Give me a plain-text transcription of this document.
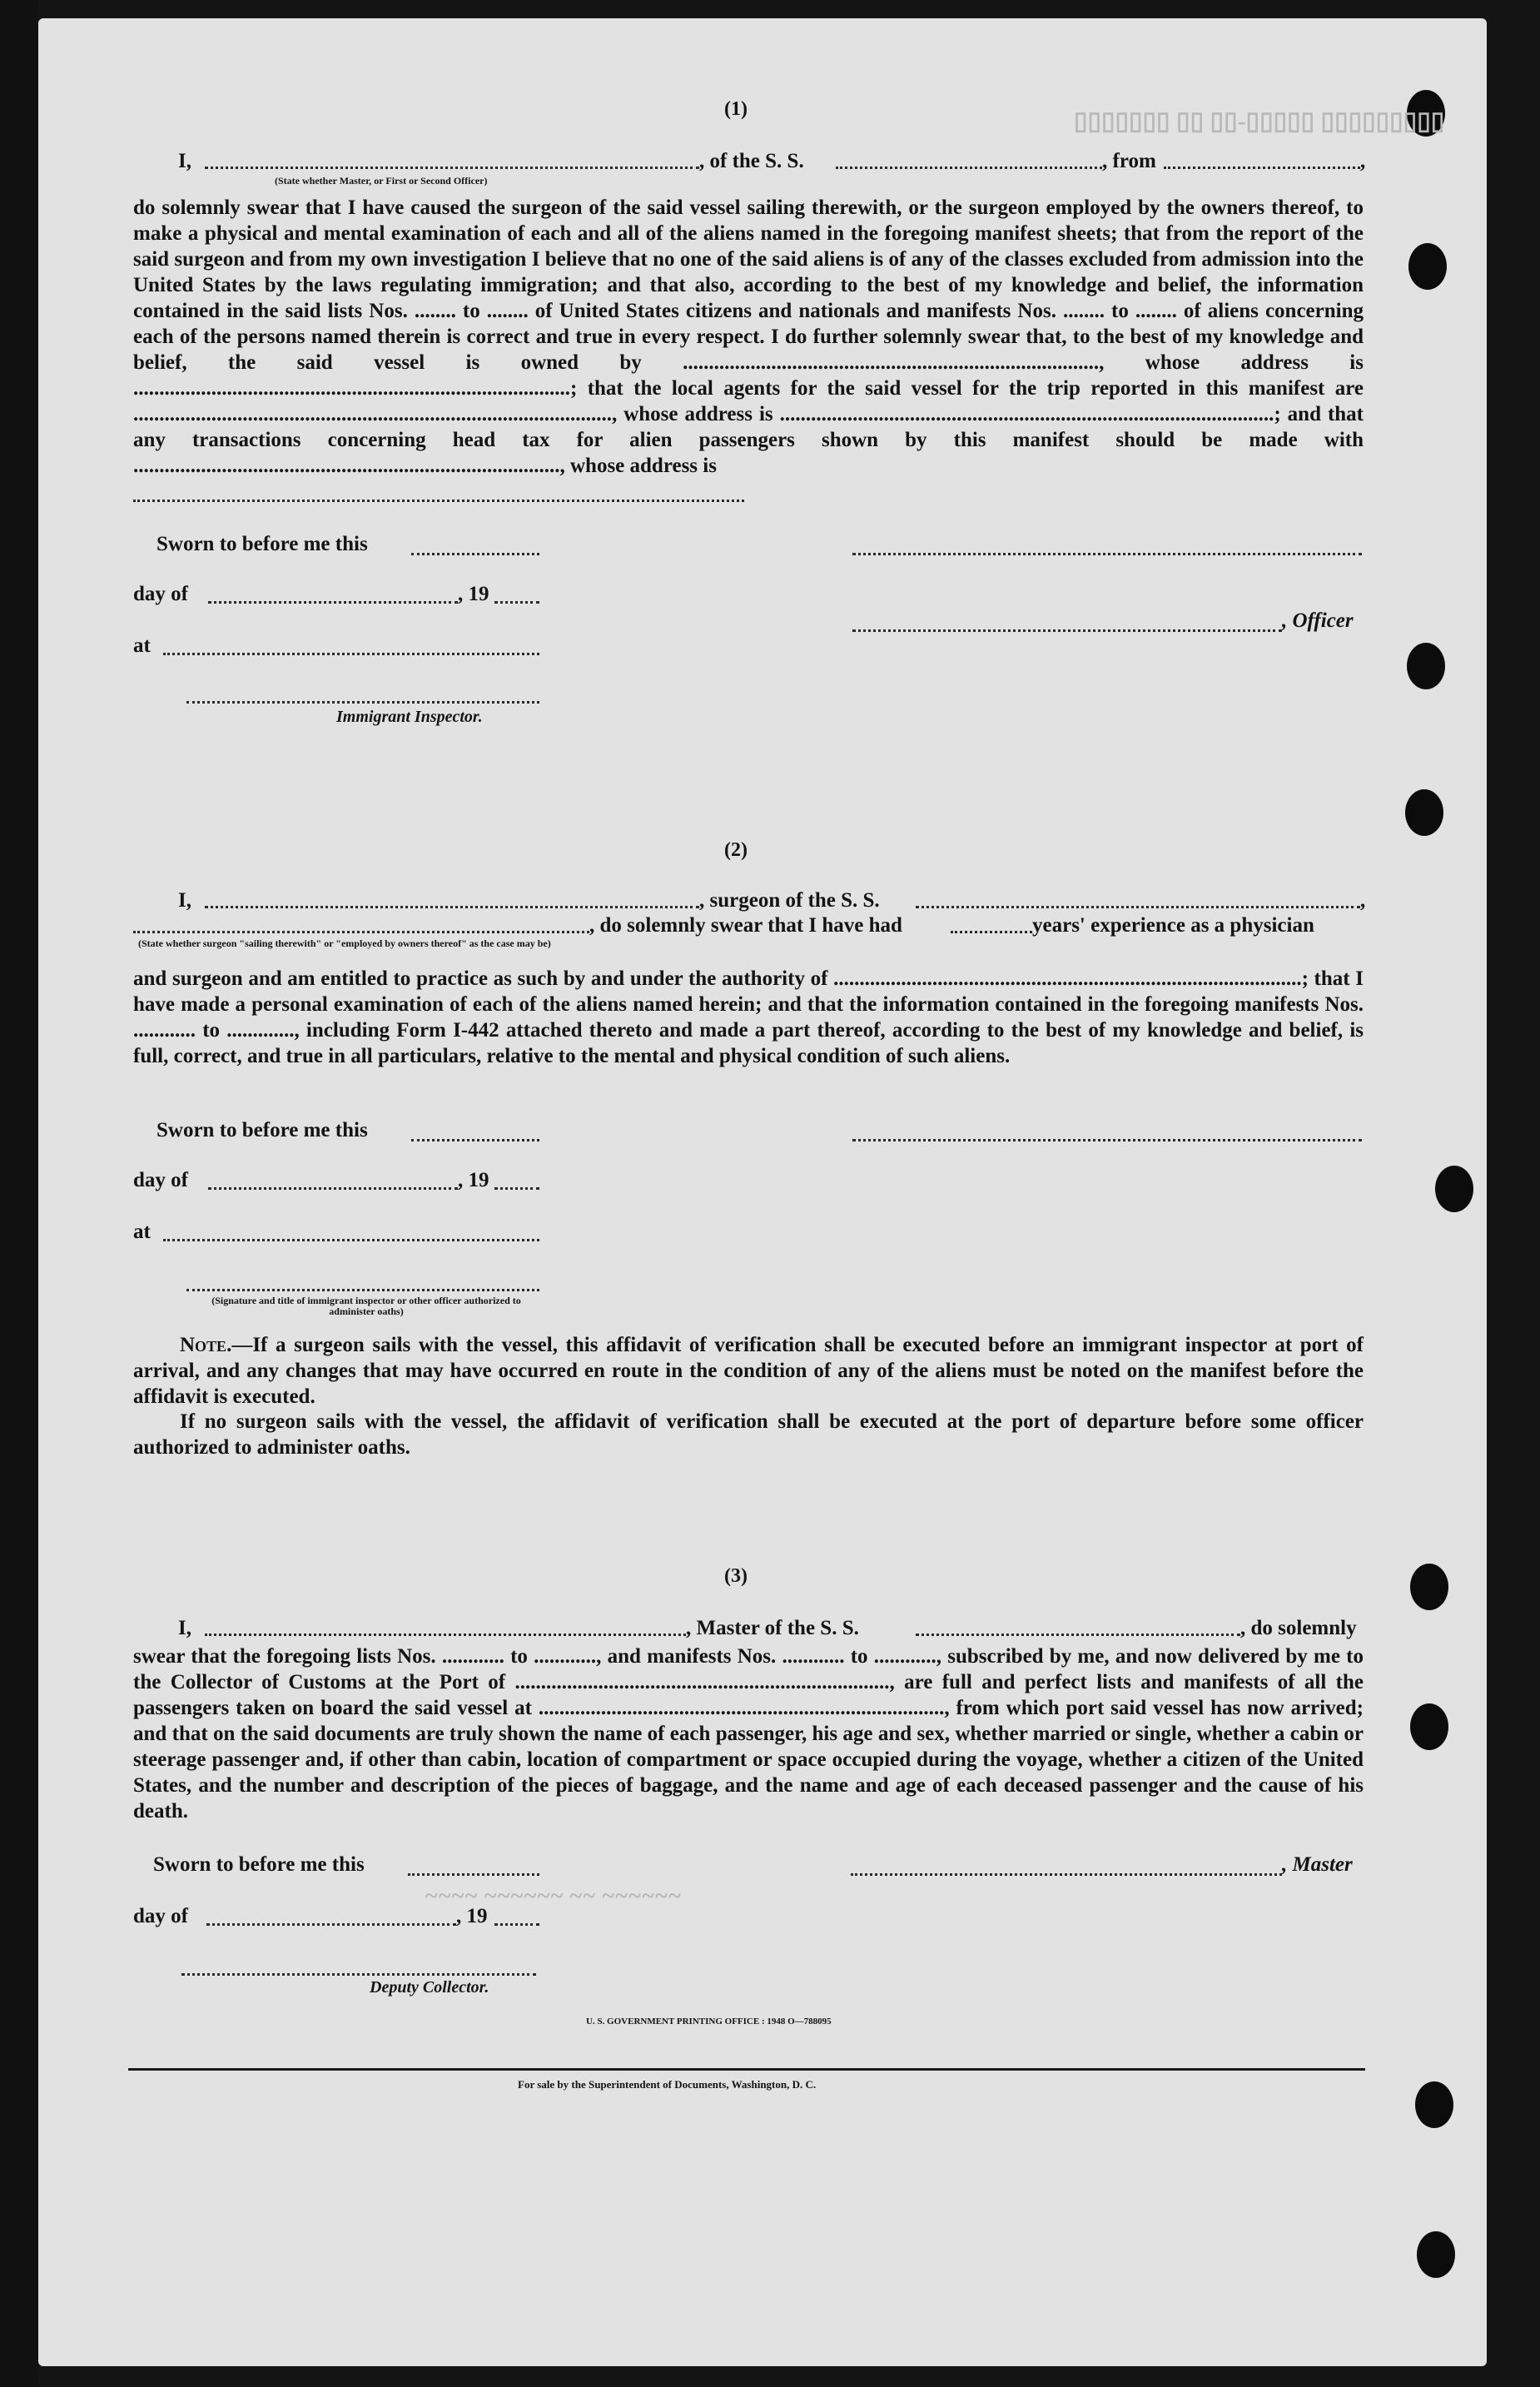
▯▯▯▯▯▯▯ ▯▯ ▯▯-▯▯▯▯▯ ▯▯▯▯▯▯▯▯▯
(1)
I,
(State whether Master, or First or Second Officer)
, of the S. S.	, from	,
do solemnly swear that I have caused the surgeon of the said vessel sailing therewith, or the surgeon employed by the owners thereof, to make a physical and mental examination of each and all of the aliens named in the foregoing manifest sheets; that from the report of the said surgeon and from my own investigation I believe that no one of the said aliens is of any of the classes excluded from admission into the United States by the laws regulating immigration; and that also, according to the best of my knowledge and belief, the information contained in the said lists Nos. ........ to ........ of United States citizens and nationals and manifests Nos. ........ to ........ of aliens concerning each of the persons named therein is correct and true in every respect. I do further solemnly swear that, to the best of my knowledge and belief, the said vessel is owned by ................................................................................, whose address is ....................................................................................; that the local agents for the said vessel for the trip reported in this manifest are ............................................................................................, whose address is ...............................................................................................; and that any transactions concerning head tax for alien passengers shown by this manifest should be made with .................................................................................., whose address is
Sworn to before me this
day of	, 19
, Officer
at
Immigrant Inspector.
(2)
I,	, surgeon of the S. S.	,
, do solemnly swear that I have had	years' experience as a physician
(State whether surgeon "sailing therewith" or "employed by owners thereof" as the case may be)
and surgeon and am entitled to practice as such by and under the authority of ..........................................................................................; that I have made a personal examination of each of the aliens named herein; and that the information contained in the foregoing manifests Nos. ............ to ............., including Form I-442 attached thereto and made a part thereof, according to the best of my knowledge and belief, is full, correct, and true in all particulars, relative to the mental and physical condition of such aliens.
Sworn to before me this
day of	, 19
at
(Signature and title of immigrant inspector or other officer authorized to administer oaths)
Note.—If a surgeon sails with the vessel, this affidavit of verification shall be executed before an immigrant inspector at port of arrival, and any changes that may have occurred en route in the condition of any of the aliens must be noted on the manifest before the affidavit is executed.
If no surgeon sails with the vessel, the affidavit of verification shall be executed at the port of departure before some officer authorized to administer oaths.
(3)
I,	, Master of the S. S.	, do solemnly
swear that the foregoing lists Nos. ............ to ............, and manifests Nos. ............ to ............, subscribed by me, and now delivered by me to the Collector of Customs at the Port of ........................................................................, are full and perfect lists and manifests of all the passengers taken on board the said vessel at .............................................................................., from which port said vessel has now arrived; and that on the said documents are truly shown the name of each passenger, his age and sex, whether married or single, whether a cabin or steerage passenger and, if other than cabin, location of compartment or space occupied during the voyage, whether a citizen of the United States, and the number and description of the pieces of baggage, and the name and age of each deceased passenger and the cause of his death.
Sworn to before me this	, Master
day of	, 19
~~~~ ~~~~~~ ~~ ~~~~~~
Deputy Collector.
U. S. GOVERNMENT PRINTING OFFICE : 1948 O—788095
For sale by the Superintendent of Documents, Washington, D. C.
